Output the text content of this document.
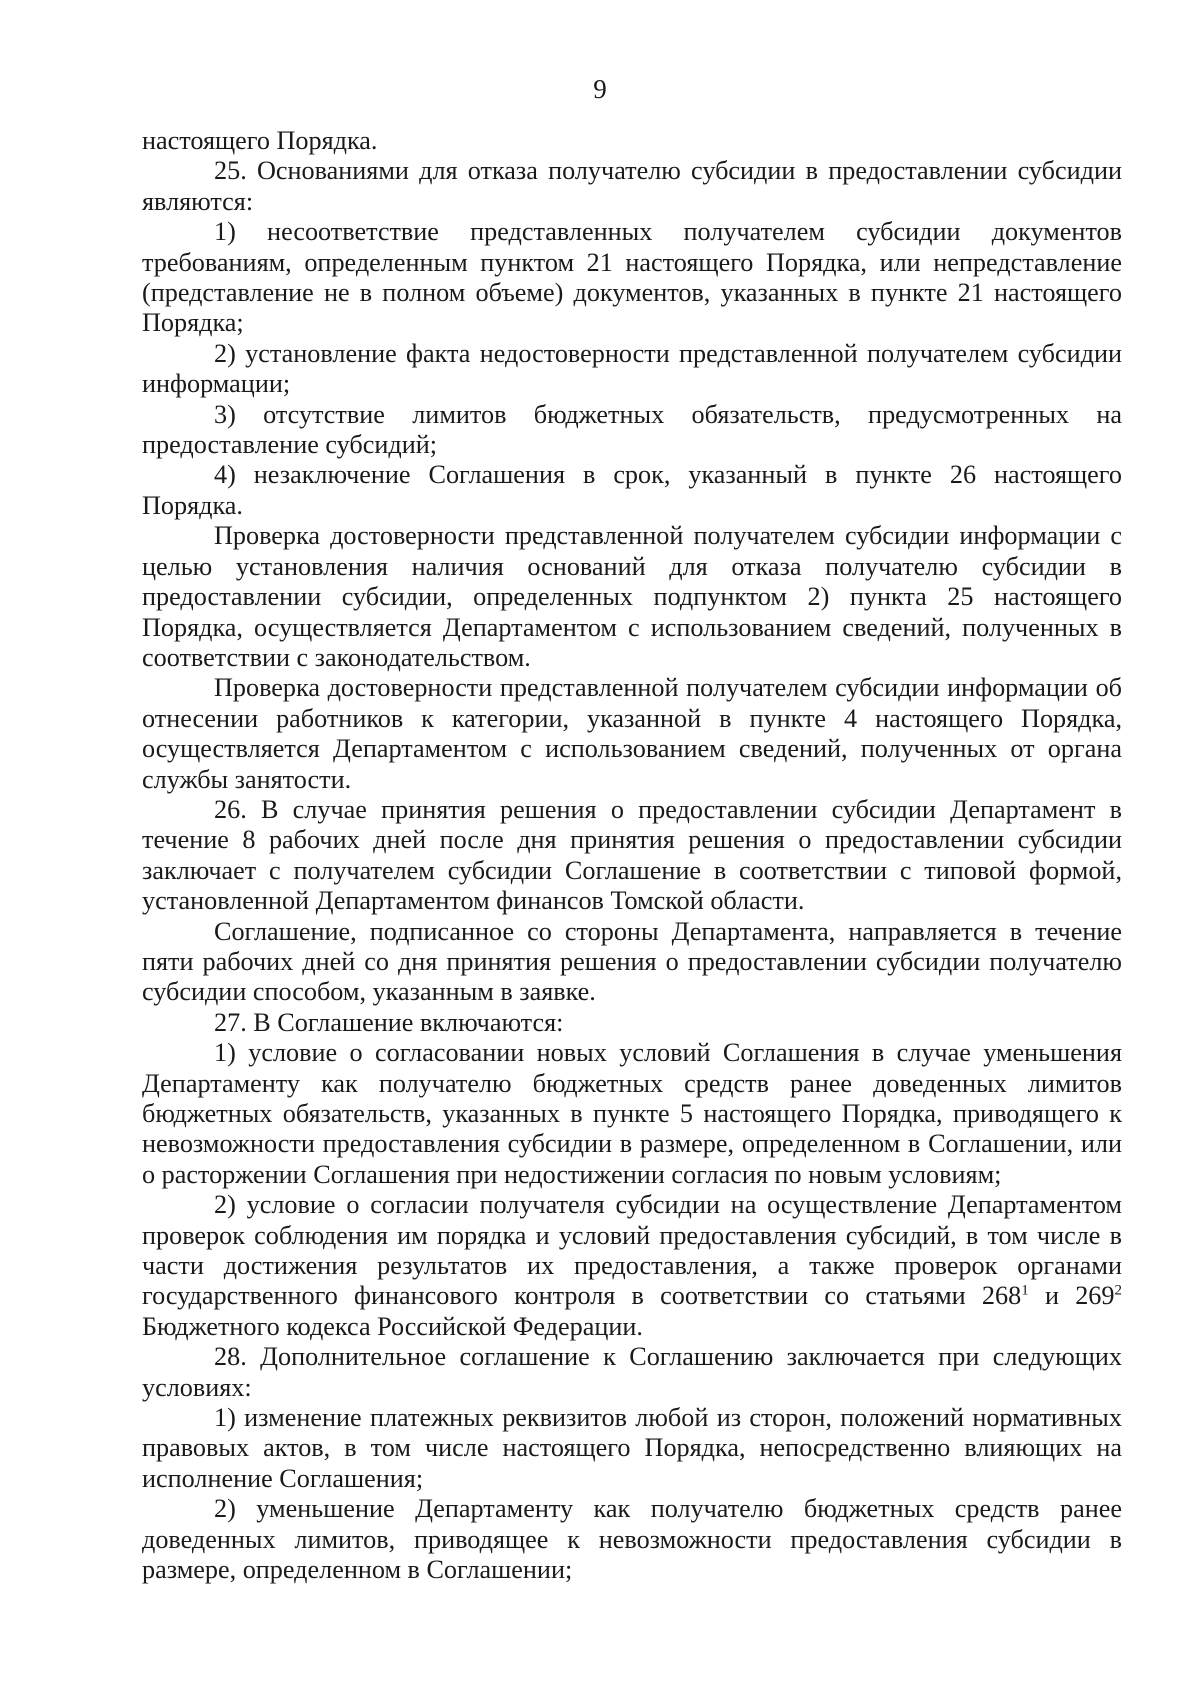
9

настоящего Порядка.

25. Основаниями для отказа получателю субсидии в предоставлении субсидии являются:

1) несоответствие представленных получателем субсидии документов требованиям, определенным пунктом 21 настоящего Порядка, или непредставление (представление не в полном объеме) документов, указанных в пункте 21 настоящего Порядка;

2) установление факта недостоверности представленной получателем субсидии информации;

3) отсутствие лимитов бюджетных обязательств, предусмотренных на предоставление субсидий;

4) незаключение Соглашения в срок, указанный в пункте 26 настоящего Порядка.

Проверка достоверности представленной получателем субсидии информации с целью установления наличия оснований для отказа получателю субсидии в предоставлении субсидии, определенных подпунктом 2) пункта 25 настоящего Порядка, осуществляется Департаментом с использованием сведений, полученных в соответствии с законодательством.

Проверка достоверности представленной получателем субсидии информации об отнесении работников к категории, указанной в пункте 4 настоящего Порядка, осуществляется Департаментом с использованием сведений, полученных от органа службы занятости.

26. В случае принятия решения о предоставлении субсидии Департамент в течение 8 рабочих дней после дня принятия решения о предоставлении субсидии заключает с получателем субсидии Соглашение в соответствии с типовой формой, установленной Департаментом финансов Томской области.

Соглашение, подписанное со стороны Департамента, направляется в течение пяти рабочих дней со дня принятия решения о предоставлении субсидии получателю субсидии способом, указанным в заявке.

27. В Соглашение включаются:

1) условие о согласовании новых условий Соглашения в случае уменьшения Департаменту как получателю бюджетных средств ранее доведенных лимитов бюджетных обязательств, указанных в пункте 5 настоящего Порядка, приводящего к невозможности предоставления субсидии в размере, определенном в Соглашении, или о расторжении Соглашения при недостижении согласия по новым условиям;

2) условие о согласии получателя субсидии на осуществление Департаментом проверок соблюдения им порядка и условий предоставления субсидий, в том числе в части достижения результатов их предоставления, а также проверок органами государственного финансового контроля в соответствии со статьями $268^1$ и $269^2$ Бюджетного кодекса Российской Федерации.

28. Дополнительное соглашение к Соглашению заключается при следующих условиях:

1) изменение платежных реквизитов любой из сторон, положений нормативных правовых актов, в том числе настоящего Порядка, непосредственно влияющих на исполнение Соглашения;

2) уменьшение Департаменту как получателю бюджетных средств ранее доведенных лимитов, приводящее к невозможности предоставления субсидии в размере, определенном в Соглашении;
